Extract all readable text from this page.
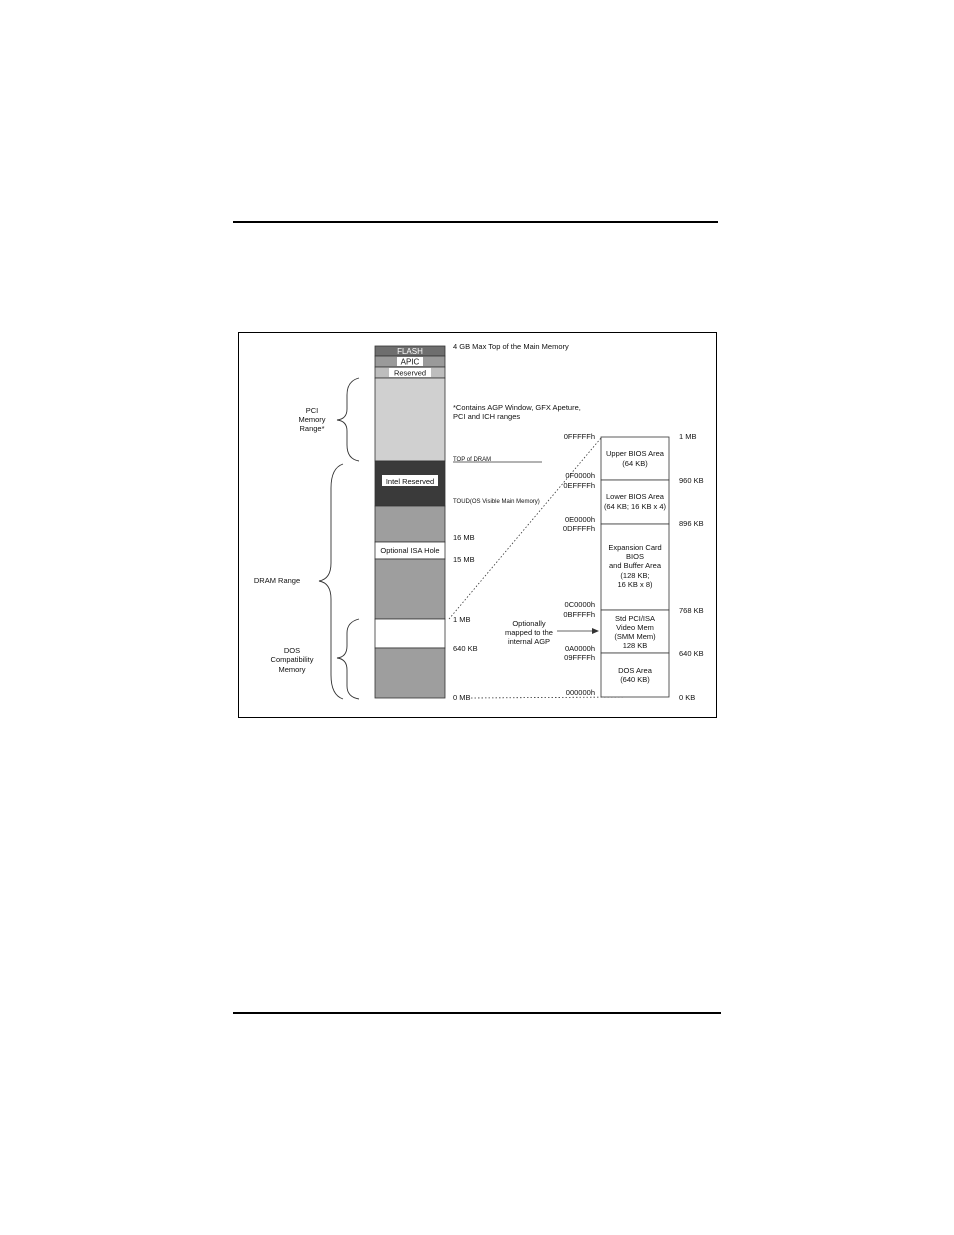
FLASH
APIC
Reserved
Intel Reserved
Optional ISA Hole
4 GB Max Top of the Main Memory
*Contains AGP Window, GFX Apeture,
PCI and ICH ranges
TOP of DRAM
TOUD(OS Visible Main Memory)
16 MB
15 MB
1 MB
640 KB
0 MB
PCI
Memory
Range*
DRAM Range
DOS
Compatibility
Memory
Upper BIOS Area
(64 KB)
Lower BIOS Area
(64 KB; 16 KB x 4)
Expansion Card
BIOS
and Buffer Area
(128 KB;
16 KB x 8)
Std PCI/ISA
Video Mem
(SMM Mem)
128 KB
DOS Area
(640 KB)
0FFFFFh
0F0000h
0EFFFFh
0E0000h
0DFFFFh
0C0000h
0BFFFFh
0A0000h
09FFFFh
000000h
1 MB
960 KB
896 KB
768 KB
640 KB
0 KB
Optionally
mapped to the
internal AGP
